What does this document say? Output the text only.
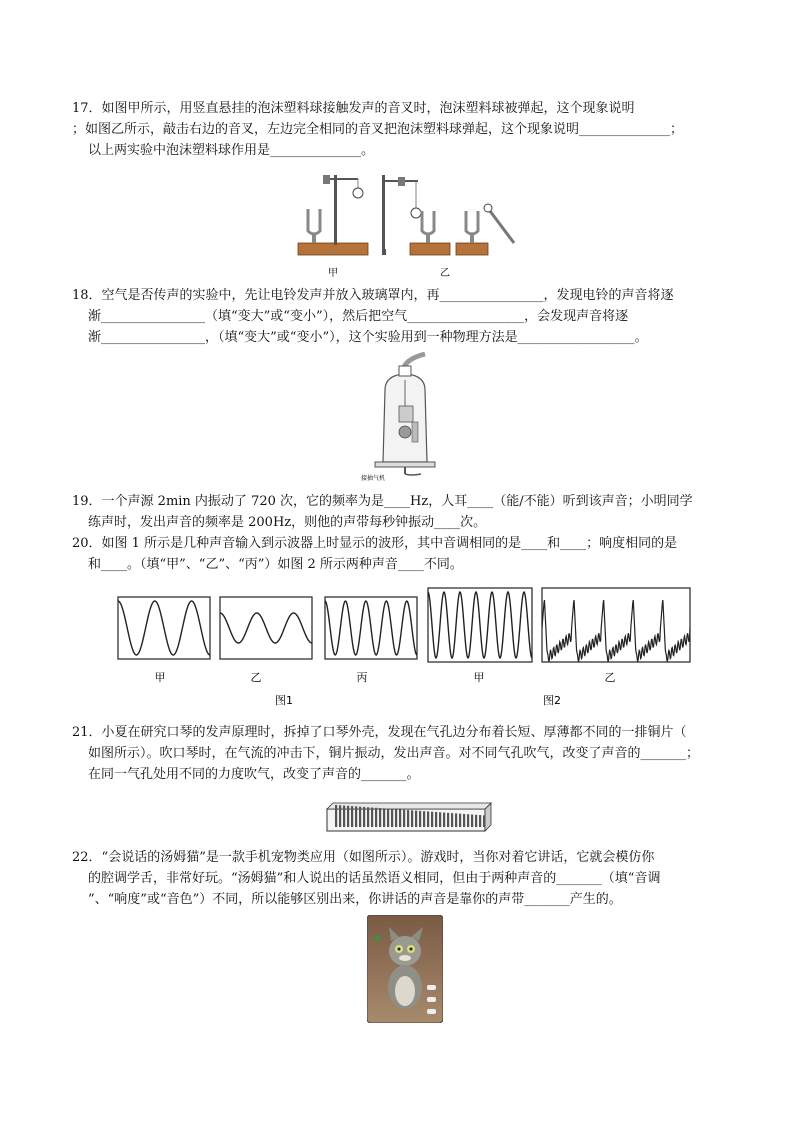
17．如图甲所示，用竖直悬挂的泡沫塑料球接触发声的音叉时，泡沫塑料球被弹起，这个现象说明

；如图乙所示，敲击右边的音叉，左边完全相同的音叉把泡沫塑料球弹起，这个现象说明______________；

以上两实验中泡沫塑料球作用是______________。

甲	乙

18．空气是否传声的实验中，先让电铃发声并放入玻璃罩内，再________________，发现电铃的声音将逐

渐________________（填“变大”或“变小”），然后把空气__________________，会发现声音将逐

渐________________，（填“变大”或“变小”），这个实验用到一种物理方法是__________________。

接抽气机

19．一个声源 2min 内振动了 720 次，它的频率为是____Hz，人耳____（能/不能）听到该声音；小明同学

练声时，发出声音的频率是 200Hz，则他的声带每秒钟振动____次。

20．如图 1 所示是几种声音输入到示波器上时显示的波形，其中音调相同的是____和____；响度相同的是

和____。（填“甲”、“乙”、“丙”）如图 2 所示两种声音____不同。

甲	乙	丙	甲	乙
图1	图2

21．小夏在研究口琴的发声原理时，拆掉了口琴外壳，发现在气孔边分布着长短、厚薄都不同的一排铜片（

如图所示）。吹口琴时，在气流的冲击下，铜片振动，发出声音。对不同气孔吹气，改变了声音的_______；

在同一气孔处用不同的力度吹气，改变了声音的_______。

22．“会说话的汤姆猫”是一款手机宠物类应用（如图所示）。游戏时，当你对着它讲话，它就会模仿你

的腔调学舌，非常好玩。“汤姆猫”和人说出的话虽然语义相同，但由于两种声音的_______（填“音调

”、“响度”或“音色”）不同，所以能够区别出来，你讲话的声音是靠你的声带_______产生的。
